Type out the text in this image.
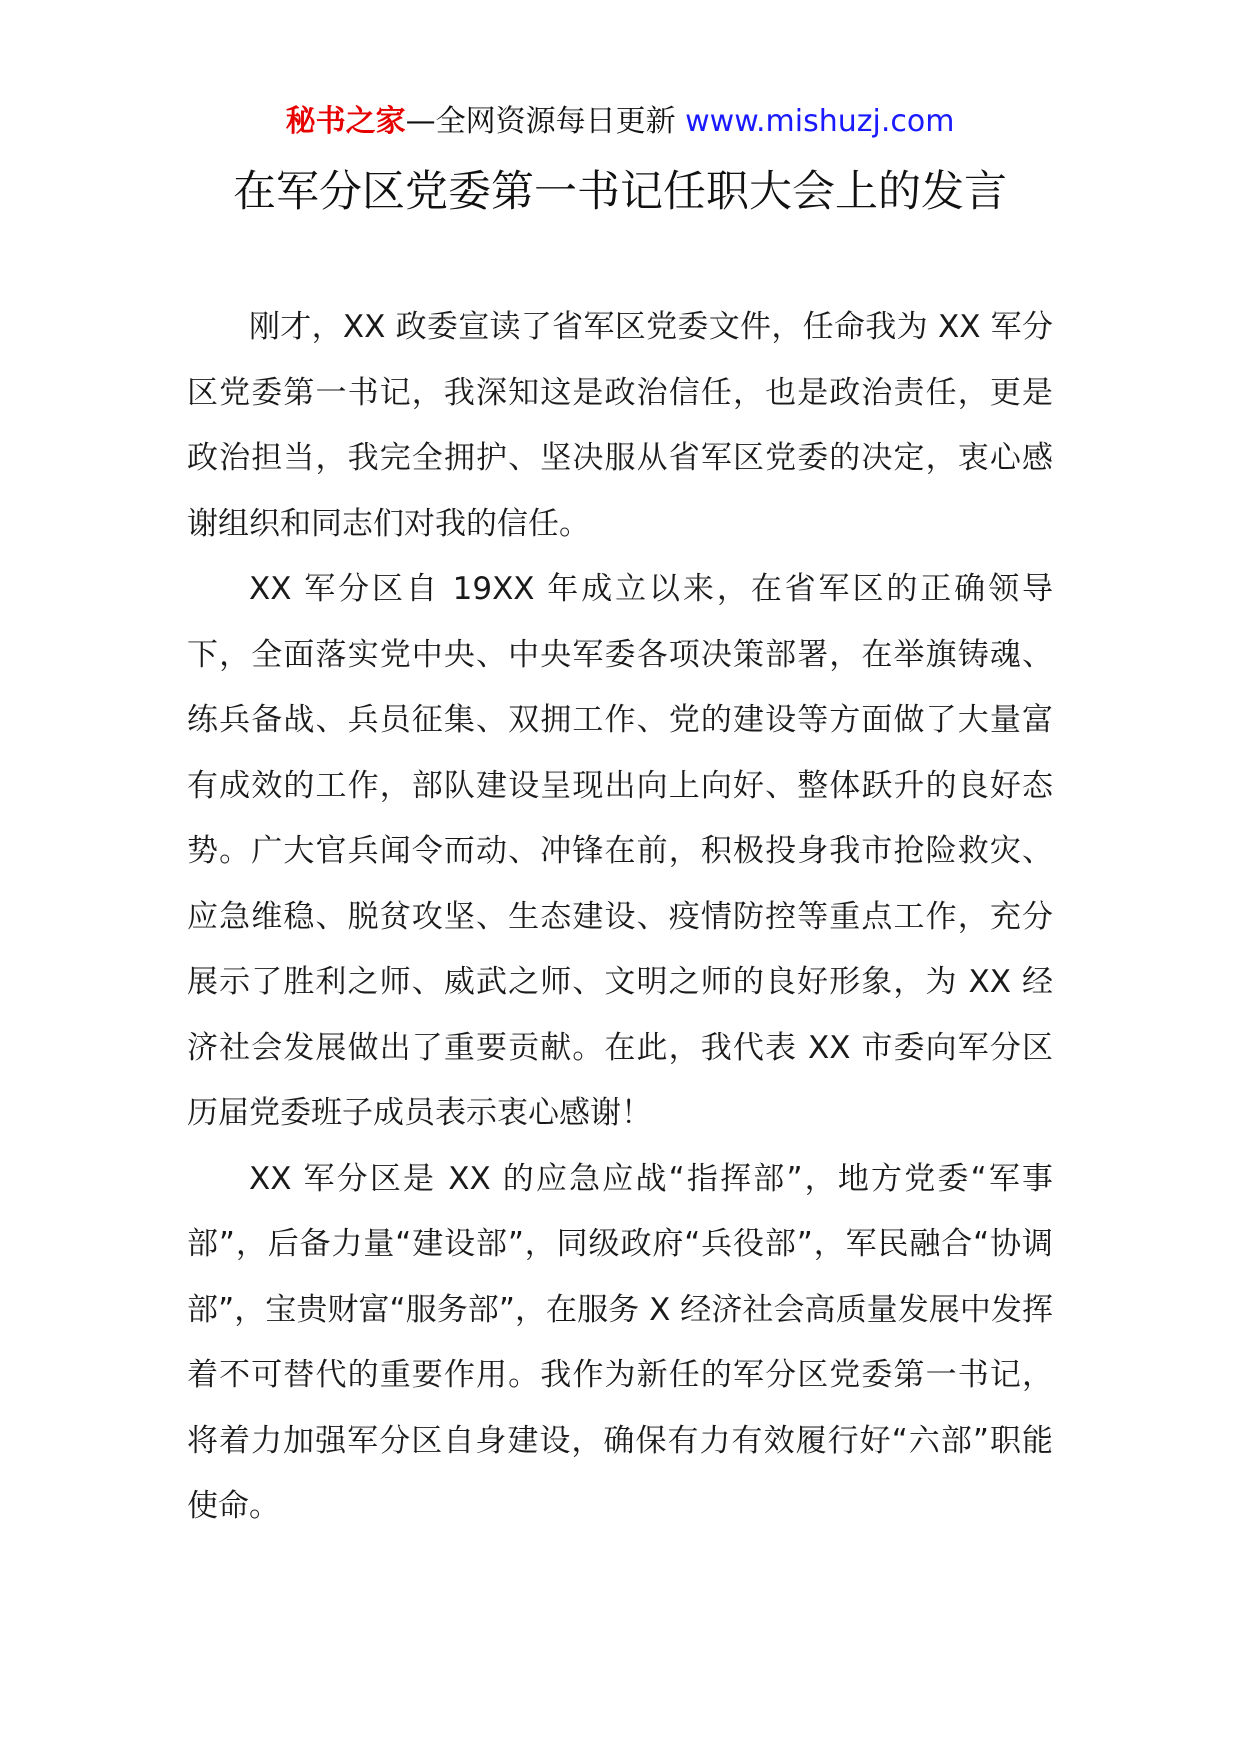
秘书之家—全网资源每日更新 www.mishuzj.com
在军分区党委第一书记任职大会上的发言

刚才，XX 政委宣读了省军区党委文件，任命我为 XX 军分区党委第一书记，我深知这是政治信任，也是政治责任，更是政治担当，我完全拥护、坚决服从省军区党委的决定，衷心感谢组织和同志们对我的信任。

XX 军分区自 19XX 年成立以来，在省军区的正确领导下，全面落实党中央、中央军委各项决策部署，在举旗铸魂、练兵备战、兵员征集、双拥工作、党的建设等方面做了大量富有成效的工作，部队建设呈现出向上向好、整体跃升的良好态势。广大官兵闻令而动、冲锋在前，积极投身我市抢险救灾、应急维稳、脱贫攻坚、生态建设、疫情防控等重点工作，充分展示了胜利之师、威武之师、文明之师的良好形象，为 XX 经济社会发展做出了重要贡献。在此，我代表 XX 市委向军分区历届党委班子成员表示衷心感谢！

XX 军分区是 XX 的应急应战“指挥部”，地方党委“军事部”，后备力量“建设部”，同级政府“兵役部”，军民融合“协调部”，宝贵财富“服务部”，在服务 X 经济社会高质量发展中发挥着不可替代的重要作用。我作为新任的军分区党委第一书记，将着力加强军分区自身建设，确保有力有效履行好“六部”职能使命。
